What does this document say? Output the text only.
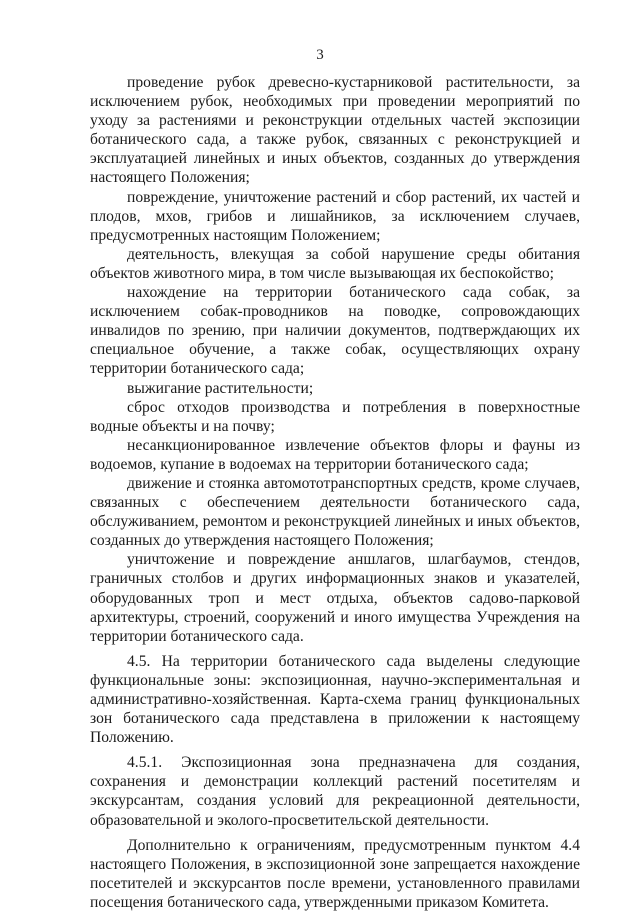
3

проведение рубок древесно-кустарниковой растительности, за исключением рубок, необходимых при проведении мероприятий по уходу за растениями и реконструкции отдельных частей экспозиции ботанического сада, а также рубок, связанных с реконструкцией и эксплуатацией линейных и иных объектов, созданных до утверждения настоящего Положения;

повреждение, уничтожение растений и сбор растений, их частей и плодов, мхов, грибов и лишайников, за исключением случаев, предусмотренных настоящим Положением;

деятельность, влекущая за собой нарушение среды обитания объектов животного мира, в том числе вызывающая их беспокойство;

нахождение на территории ботанического сада собак, за исключением собак-проводников на поводке, сопровождающих инвалидов по зрению, при наличии документов, подтверждающих их специальное обучение, а также собак, осуществляющих охрану территории ботанического сада;

выжигание растительности;

сброс отходов производства и потребления в поверхностные водные объекты и на почву;

несанкционированное извлечение объектов флоры и фауны из водоемов, купание в водоемах на территории ботанического сада;

движение и стоянка автомототранспортных средств, кроме случаев, связанных с обеспечением деятельности ботанического сада, обслуживанием, ремонтом и реконструкцией линейных и иных объектов, созданных до утверждения настоящего Положения;

уничтожение и повреждение аншлагов, шлагбаумов, стендов, граничных столбов и других информационных знаков и указателей, оборудованных троп и мест отдыха, объектов садово-парковой архитектуры, строений, сооружений и иного имущества Учреждения на территории ботанического сада.

4.5. На территории ботанического сада выделены следующие функциональные зоны: экспозиционная, научно-экспериментальная и административно-хозяйственная. Карта-схема границ функциональных зон ботанического сада представлена в приложении к настоящему Положению.

4.5.1. Экспозиционная зона предназначена для создания, сохранения и демонстрации коллекций растений посетителям и экскурсантам, создания условий для рекреационной деятельности, образовательной и эколого-просветительской деятельности.

Дополнительно к ограничениям, предусмотренным пунктом 4.4 настоящего Положения, в экспозиционной зоне запрещается нахождение посетителей и экскурсантов после времени, установленного правилами посещения ботанического сада, утвержденными приказом Комитета.
